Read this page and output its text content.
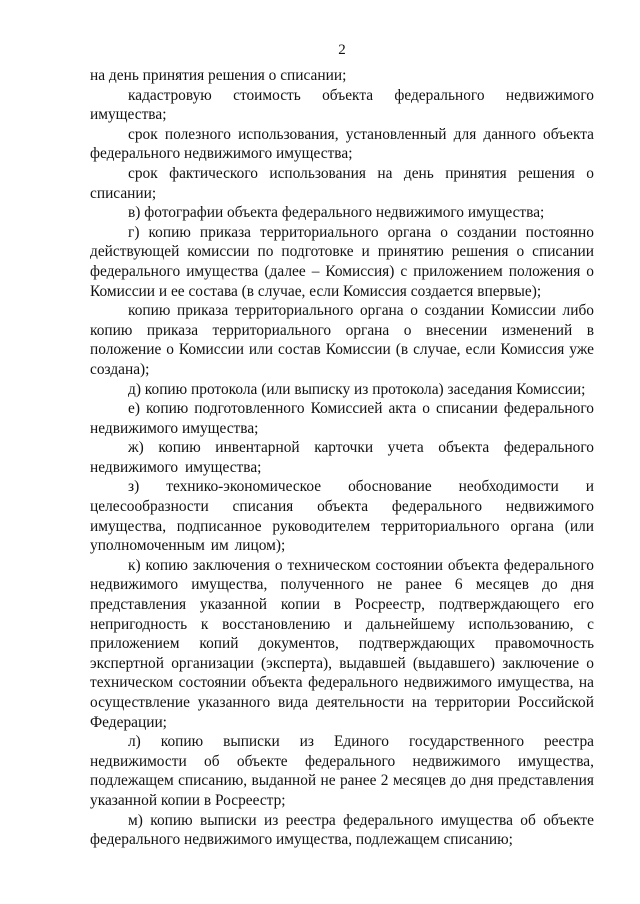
2

на день принятия решения о списании;

кадастровую стоимость объекта федерального недвижимого имущества;

срок полезного использования, установленный для данного объекта федерального недвижимого имущества;

срок фактического использования на день принятия решения о списании;

в) фотографии объекта федерального недвижимого имущества;

г) копию приказа территориального органа о создании постоянно действующей комиссии по подготовке и принятию решения о списании федерального имущества (далее – Комиссия) с приложением положения о Комиссии и ее состава (в случае, если Комиссия создается впервые);

копию приказа территориального органа о создании Комиссии либо копию приказа территориального органа о внесении изменений в положение о Комиссии или состав Комиссии (в случае, если Комиссия уже создана);

д) копию протокола (или выписку из протокола) заседания Комиссии;

е) копию подготовленного Комиссией акта о списании федерального недвижимого имущества;

ж) копию инвентарной карточки учета объекта федерального недвижимого имущества;

з) технико-экономическое обоснование необходимости и целесообразности списания объекта федерального недвижимого имущества, подписанное руководителем территориального органа (или уполномоченным им лицом);

к) копию заключения о техническом состоянии объекта федерального недвижимого имущества, полученного не ранее 6 месяцев до дня представления указанной копии в Росреестр, подтверждающего его непригодность к восстановлению и дальнейшему использованию, с приложением копий документов, подтверждающих правомочность экспертной организации (эксперта), выдавшей (выдавшего) заключение о техническом состоянии объекта федерального недвижимого имущества, на осуществление указанного вида деятельности на территории Российской Федерации;

л) копию выписки из Единого государственного реестра недвижимости об объекте федерального недвижимого имущества, подлежащем списанию, выданной не ранее 2 месяцев до дня представления указанной копии в Росреестр;

м) копию выписки из реестра федерального имущества об объекте федерального недвижимого имущества, подлежащем списанию;
